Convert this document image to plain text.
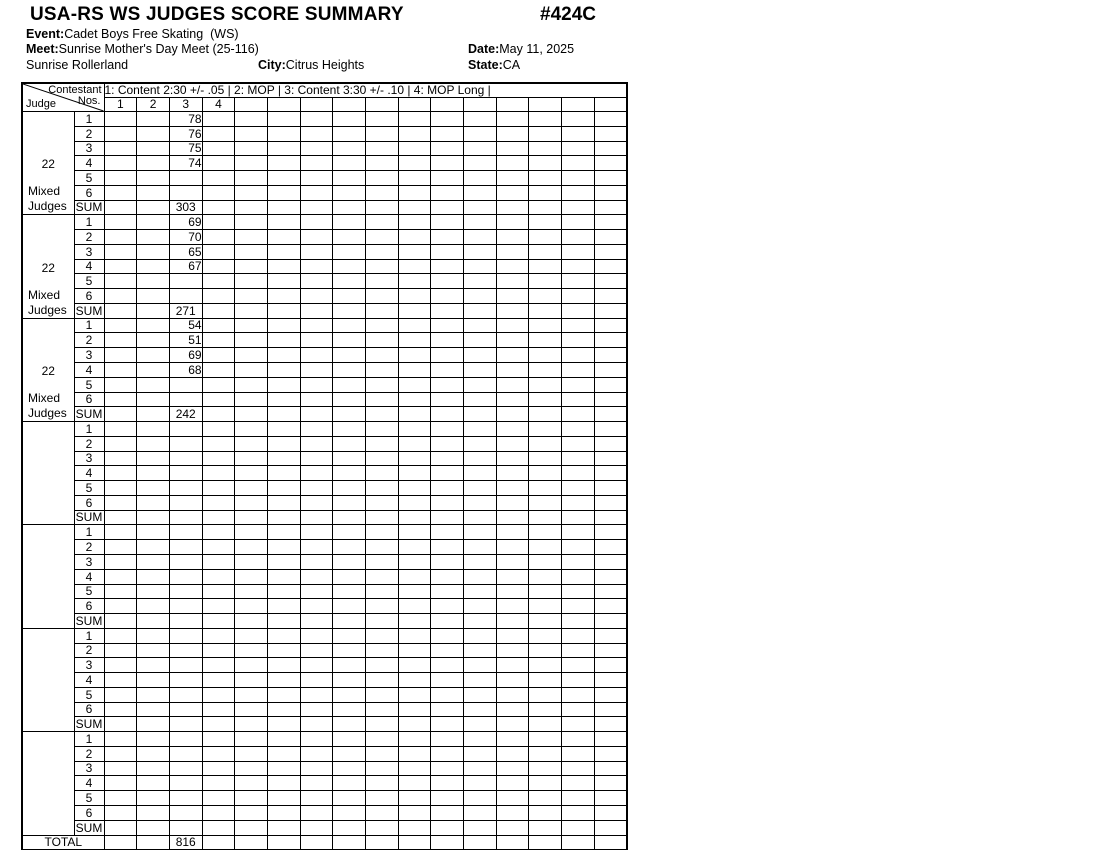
USA-RS WS JUDGES SCORE SUMMARY	#424C
Event:Cadet Boys Free Skating  (WS)
Meet:Sunrise Mother's Day Meet (25-116)
Sunrise Rollerland	City:Citrus Heights
Date:May 11, 2025
State:CA
Contestant
Nos.
Judge		1: Content 2:30 +/- .05 | 2: MOP | 3: Content 3:30 +/- .10 | 4: MOP Long |															
		1	2	3	4												

22
Mixed
Judges	1			78													
	2			76													
	3			75													
	4			74													
	5																
	6																
	SUM			303													

22
Mixed
Judges	1			69													
	2			70													
	3			65													
	4			67													
	5																
	6																
	SUM			271													

22
Mixed
Judges	1			54													
	2			51													
	3			69													
	4			68													
	5																
	6																
	SUM			242													
	1																
	2																
	3																
	4																
	5																
	6																
	SUM																
	1																
	2																
	3																
	4																
	5																
	6																
	SUM																
	1																
	2																
	3																
	4																
	5																
	6																
	SUM																
	1																
	2																
	3																
	4																
	5																
	6																
	SUM																
TOTAL				816													
